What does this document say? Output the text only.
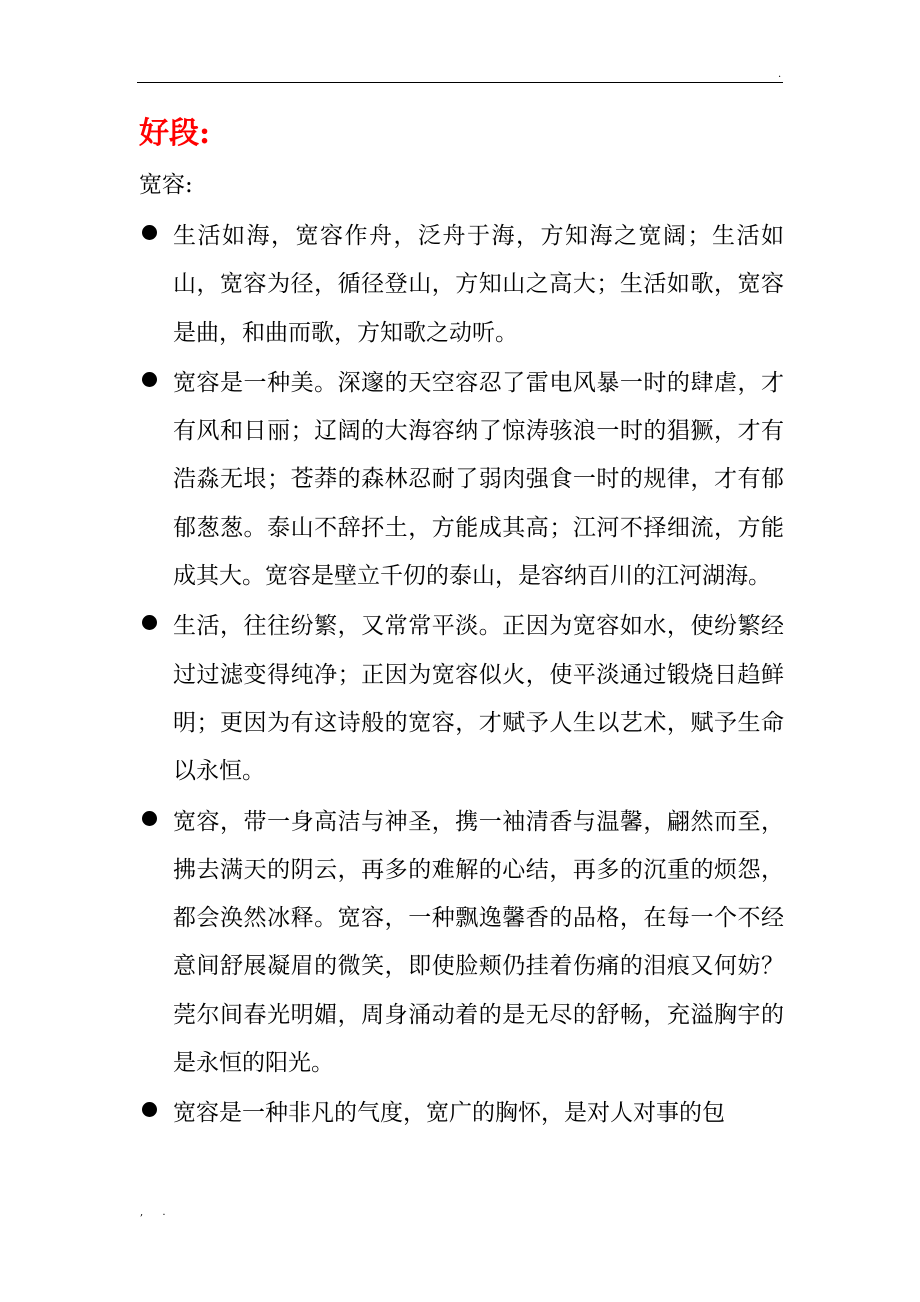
.
好段:

宽容:

生活如海，宽容作舟，泛舟于海，方知海之宽阔；生活如山，宽容为径，循径登山，方知山之高大；生活如歌，宽容是曲，和曲而歌，方知歌之动听。
宽容是一种美。深邃的天空容忍了雷电风暴一时的肆虐，才有风和日丽；辽阔的大海容纳了惊涛骇浪一时的猖獗，才有浩淼无垠；苍莽的森林忍耐了弱肉强食一时的规律，才有郁郁葱葱。泰山不辞抔土，方能成其高；江河不择细流，方能成其大。宽容是壁立千仞的泰山，是容纳百川的江河湖海。
生活，往往纷繁，又常常平淡。正因为宽容如水，使纷繁经过过滤变得纯净；正因为宽容似火，使平淡通过锻烧日趋鲜明；更因为有这诗般的宽容，才赋予人生以艺术，赋予生命以永恒。
宽容，带一身高洁与神圣，携一袖清香与温馨，翩然而至，拂去满天的阴云，再多的难解的心结，再多的沉重的烦怨，都会涣然冰释。宽容，一种飘逸馨香的品格，在每一个不经意间舒展凝眉的微笑，即使脸颊仍挂着伤痛的泪痕又何妨？莞尔间春光明媚，周身涌动着的是无尽的舒畅，充溢胸宇的是永恒的阳光。
宽容是一种非凡的气度，宽广的胸怀，是对人对事的包
, .
